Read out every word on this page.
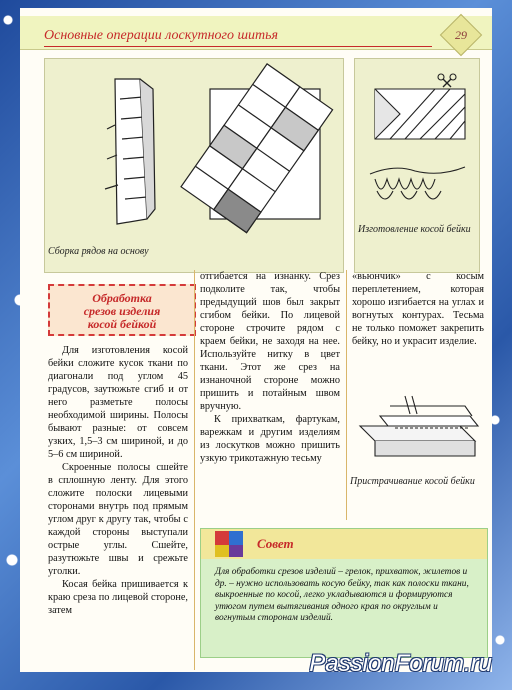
Основные операции лоскутного шитья	29
Сборка рядов на основу
Изготовление косой бейки
Обработка
срезов изделия
косой бейкой

Для изготовления косой бейки сложите кусок ткани по диагонали под углом 45 градусов, заутюжьте сгиб и от него разметьте полосы необходимой ширины. Полосы бывают разные: от совсем узких, 1,5–3 см шириной, и до 5–6 см шириной.

Скроенные полосы сшейте в сплошную ленту. Для этого сложите полоски лицевыми сторонами внутрь под прямым углом друг к другу так, чтобы с каждой стороны выступали острые углы. Сшейте, разутюжьте швы и срежьте уголки.

Косая бейка пришивается к краю среза по лицевой стороне, затем

отгибается на изнанку. Срез подколите так, чтобы предыдущий шов был закрыт сгибом бейки. По лицевой стороне строчите рядом с краем бейки, не заходя на нее. Используйте нитку в цвет ткани. Этот же срез на изнаночной стороне можно пришить и потайным швом вручную.

К прихваткам, фартукам, варежкам и другим изделиям из лоскутков можно пришить узкую трикотажную тесьму

«вьюнчик» с косым переплетением, которая хорошо изгибается на углах и вогнутых контурах. Тесьма не только поможет закрепить бейку, но и украсит изделие.

Пристрачивание косой бейки
Совет
Для обработки срезов изделий – грелок, прихваток, жилетов и др. – нужно использовать косую бейку, так как полоски ткани, выкроенные по косой, легко укладываются и формируются утюгом путем вытягивания одного края по округлым и вогнутым сторонам изделий.
PassionForum.ru
